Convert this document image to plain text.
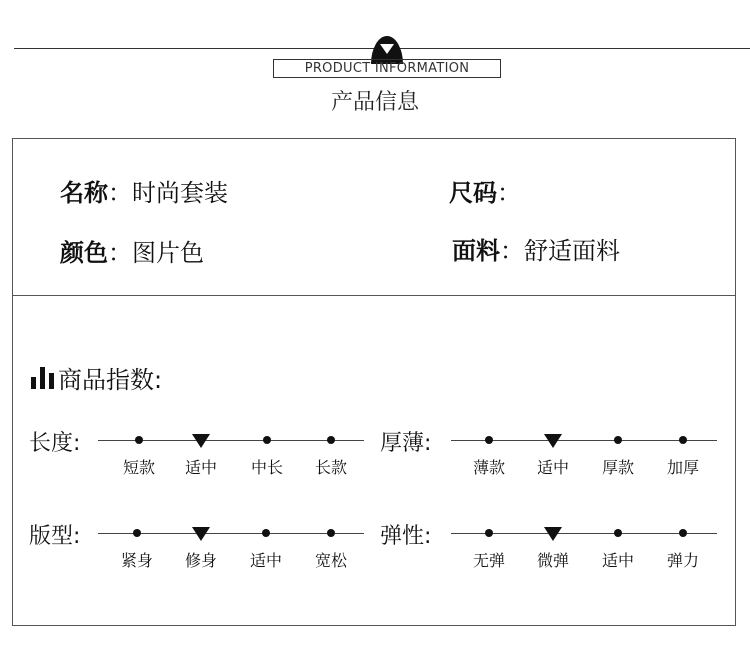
PRODUCT INFORMATION
产品信息
名称：时尚套装	尺码：
颜色：图片色	面料：舒适面料
商品指数:
长度:
短款	适中	中长	长款
厚薄:
薄款	适中	厚款	加厚
版型:
紧身	修身	适中	宽松
弹性:
无弹	微弹	适中	弹力
